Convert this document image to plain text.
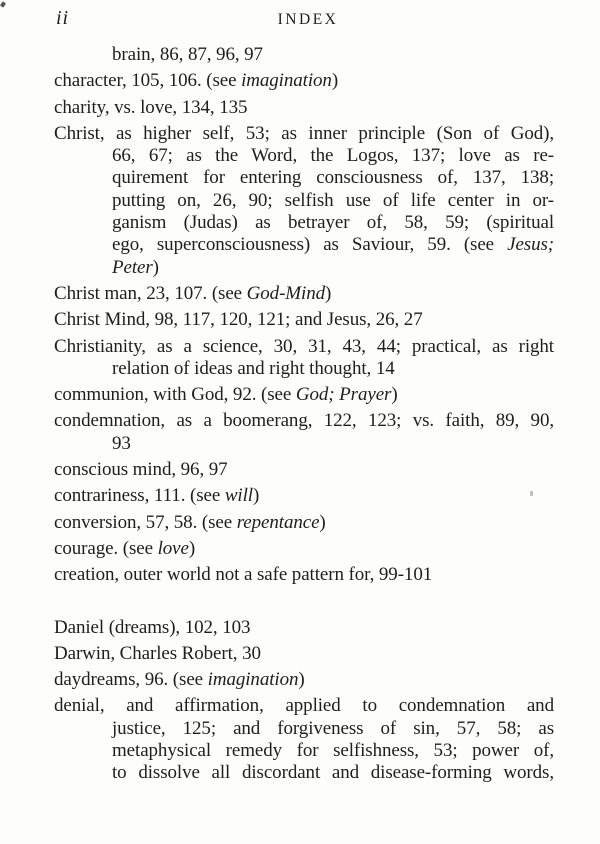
ii	INDEX
brain, 86, 87, 96, 97
character, 105, 106. (see imagination)
charity, vs. love, 134, 135
Christ, as higher self, 53; as inner principle (Son of God),
66, 67; as the Word, the Logos, 137; love as re-
quirement for entering consciousness of, 137, 138;
putting on, 26, 90; selfish use of life center in or-
ganism (Judas) as betrayer of, 58, 59; (spiritual
ego, superconsciousness) as Saviour, 59. (see Jesus;
Peter)
Christ man, 23, 107. (see God-Mind)
Christ Mind, 98, 117, 120, 121; and Jesus, 26, 27
Christianity, as a science, 30, 31, 43, 44; practical, as right
relation of ideas and right thought, 14
communion, with God, 92. (see God; Prayer)
condemnation, as a boomerang, 122, 123; vs. faith, 89, 90,
93
conscious mind, 96, 97
contrariness, 111. (see will)
conversion, 57, 58. (see repentance)
courage. (see love)
creation, outer world not a safe pattern for, 99-101
Daniel (dreams), 102, 103
Darwin, Charles Robert, 30
daydreams, 96. (see imagination)
denial, and affirmation, applied to condemnation and
justice, 125; and forgiveness of sin, 57, 58; as
metaphysical remedy for selfishness, 53; power of,
to dissolve all discordant and disease-forming words,
